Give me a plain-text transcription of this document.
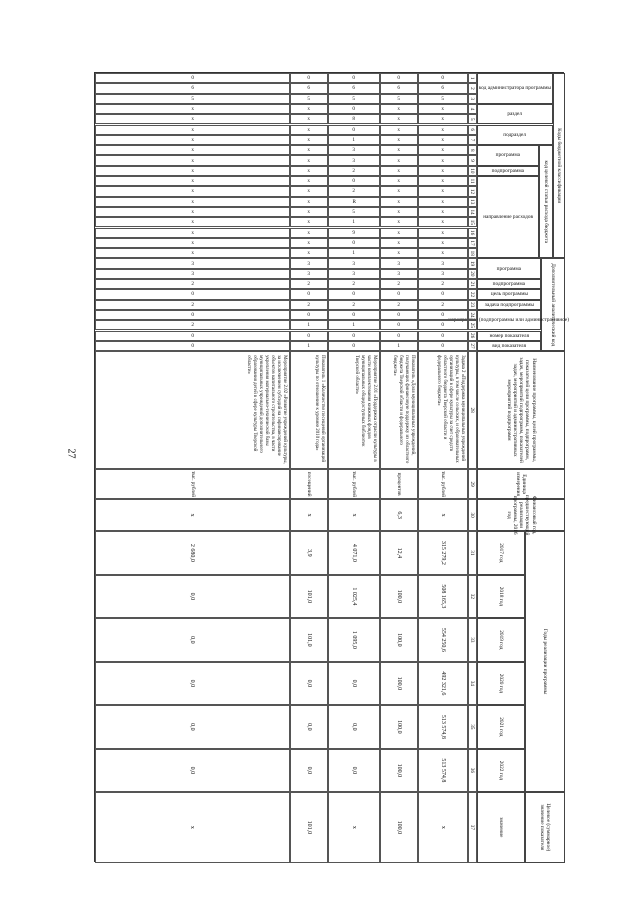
27
Коды бюджетной классификации
код администратора программы
раздел
подраздел
код целевой статьи расхода бюджета
программа
подпрограмма
направление расходов
Дополнительный аналитический код
программа
подпрограмма
цель программы
задача подпрограммы
мероприятие (подпрограммы или административное)
номер показателя
вид показателя
Наименование программы, целей программы, показателей цели программы, подпрограмм, задач, мероприятий подпрограмм, показателей задач, мероприятий и административных мероприятий подпрограмм
Единица измерения
Финансовый год, предшествующий реализации программы, 2016 год
Годы реализации программы
2017 год
2018 год
2019 год
2020 год
2021 год
2022 год
Целевое (суммарное) значение показателя
значение
1
2
3
4
5
6
7
8
9
10
11
12
13
14
15
16
17
18
19
20
21
22
23
24
25
26
27
28
29
30
31
32
33
34
35
36
37
0
6
5
x
x
x
x
x
x
x
x
x
x
x
x
x
x
x
3
3
2
0
2
0
0
0
0
Задача 2 «Поддержка муниципальных учреждений культуры, в том числе сельских, и образовательных организаций в сфере культуры за счет средств областного бюджета Тверской области и федерального бюджета»
тыс. рублей
x
315 279,2
508 165,3
554 250,6
492 321,6
513 574,8
513 574,8
x
0
6
5
x
x
x
x
x
x
x
x
x
x
x
x
x
x
x
3
3
2
0
2
0
0
0
1
Показатель «Доля муниципальных учреждений, получающих финансовую поддержку из областного бюджета Тверской области и федерального бюджета»
процентов
6,3
12,4
100,0
100,0
100,0
100,0
100,0
100,0
0
6
5
0
8
0
1
3
3
2
0
2
R
5
1
9
0
1
3
3
2
0
2
0
1
0
0
Мероприятие 2.01 «Поддержка отрасли культуры в части комплектования книжных фондов муниципальных общедоступных библиотек Тверской области»
тыс. рублей
x
4 071,0
1 025,4
1 095,0
0,0
0,0
0,0
x
0
6
5
x
x
x
x
x
x
x
x
x
x
x
x
x
x
x
3
3
2
0
2
0
1
0
1
Показатель 1 «Количество посещений организаций культуры по отношению к уровню 2010 года»
посещений
x
3,9
101,0
101,0
0,0
0,0
0,0
101,0
0
6
5
x
x
x
x
x
x
x
x
x
x
x
x
x
x
x
3
3
2
0
2
0
2
0
0
Мероприятие 2.02 «Развитие учреждений культуры, за исключением субсидий на софинансирование объектов капитального строительства, в части укрепления материально-технической базы муниципальных учреждений дополнительного образования детей в сфере культуры Тверской области»
тыс. рублей
x
2 680,0
0,0
0,0
0,0
0,0
0,0
x
